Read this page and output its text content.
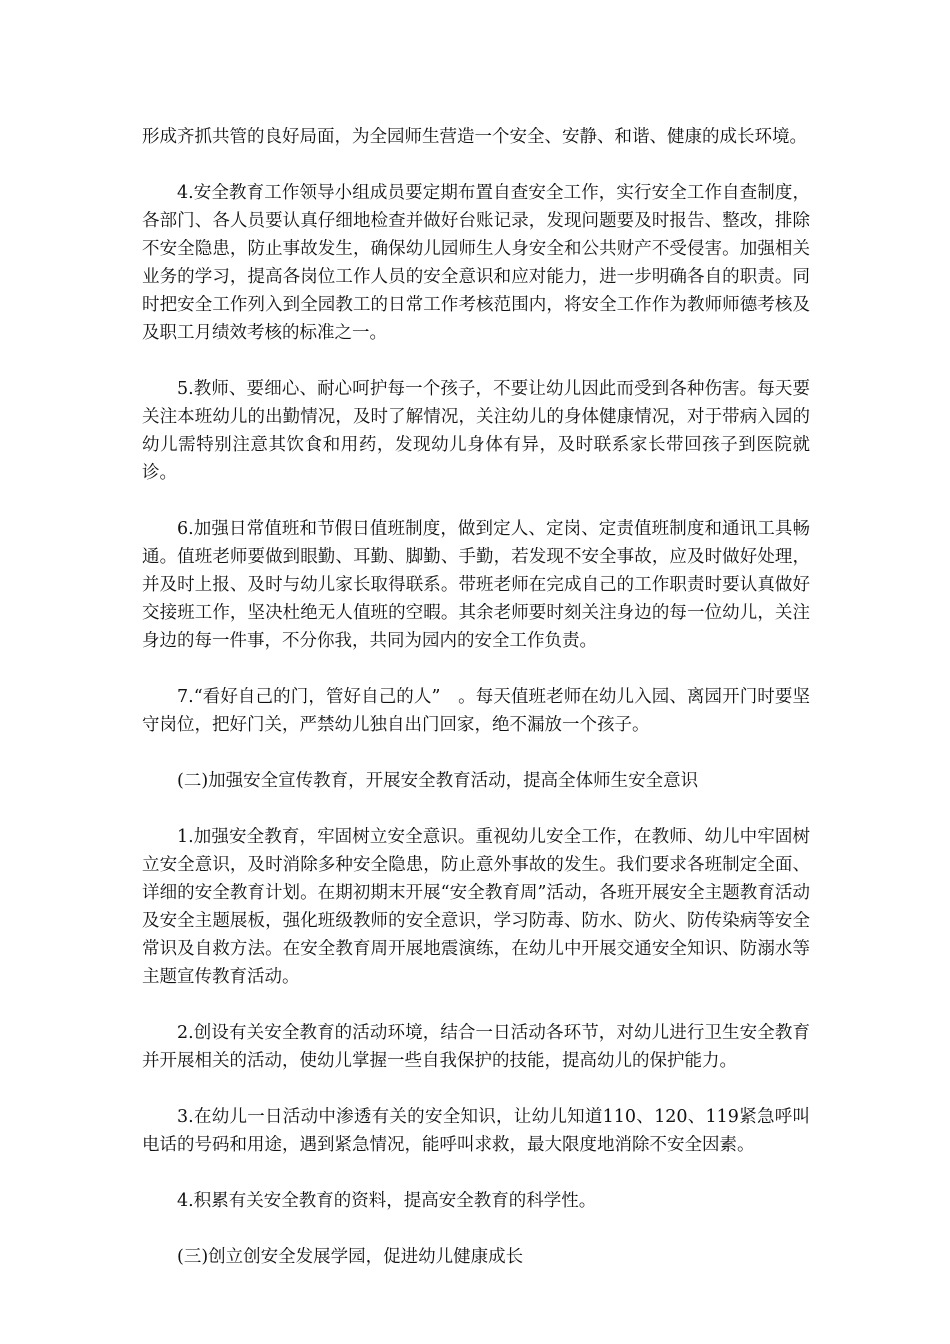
形成齐抓共管的良好局面，为全园师生营造一个安全、安静、和谐、健康的成长环境。

4.安全教育工作领导小组成员要定期布置自查安全工作，实行安全工作自查制度，各部门、各人员要认真仔细地检查并做好台账记录，发现问题要及时报告、整改，排除不安全隐患，防止事故发生，确保幼儿园师生人身安全和公共财产不受侵害。加强相关业务的学习，提高各岗位工作人员的安全意识和应对能力，进一步明确各自的职责。同时把安全工作列入到全园教工的日常工作考核范围内，将安全工作作为教师师德考核及及职工月绩效考核的标准之一。

5.教师、要细心、耐心呵护每一个孩子，不要让幼儿因此而受到各种伤害。每天要关注本班幼儿的出勤情况，及时了解情况，关注幼儿的身体健康情况，对于带病入园的幼儿需特别注意其饮食和用药，发现幼儿身体有异，及时联系家长带回孩子到医院就诊。

6.加强日常值班和节假日值班制度，做到定人、定岗、定责值班制度和通讯工具畅通。值班老师要做到眼勤、耳勤、脚勤、手勤，若发现不安全事故，应及时做好处理，并及时上报、及时与幼儿家长取得联系。带班老师在完成自己的工作职责时要认真做好交接班工作，坚决杜绝无人值班的空暇。其余老师要时刻关注身边的每一位幼儿，关注身边的每一件事，不分你我，共同为园内的安全工作负责。

7.“看好自己的门，管好自己的人”　。每天值班老师在幼儿入园、离园开门时要坚守岗位，把好门关，严禁幼儿独自出门回家，绝不漏放一个孩子。

(二)加强安全宣传教育，开展安全教育活动，提高全体师生安全意识

1.加强安全教育，牢固树立安全意识。重视幼儿安全工作，在教师、幼儿中牢固树立安全意识，及时消除多种安全隐患，防止意外事故的发生。我们要求各班制定全面、详细的安全教育计划。在期初期末开展“安全教育周”活动，各班开展安全主题教育活动及安全主题展板，强化班级教师的安全意识，学习防毒、防水、防火、防传染病等安全常识及自救方法。在安全教育周开展地震演练，在幼儿中开展交通安全知识、防溺水等主题宣传教育活动。

2.创设有关安全教育的活动环境，结合一日活动各环节，对幼儿进行卫生安全教育并开展相关的活动，使幼儿掌握一些自我保护的技能，提高幼儿的保护能力。

3.在幼儿一日活动中渗透有关的安全知识，让幼儿知道110、120、119紧急呼叫电话的号码和用途，遇到紧急情况，能呼叫求救，最大限度地消除不安全因素。

4.积累有关安全教育的资料，提高安全教育的科学性。

(三)创立创安全发展学园，促进幼儿健康成长
